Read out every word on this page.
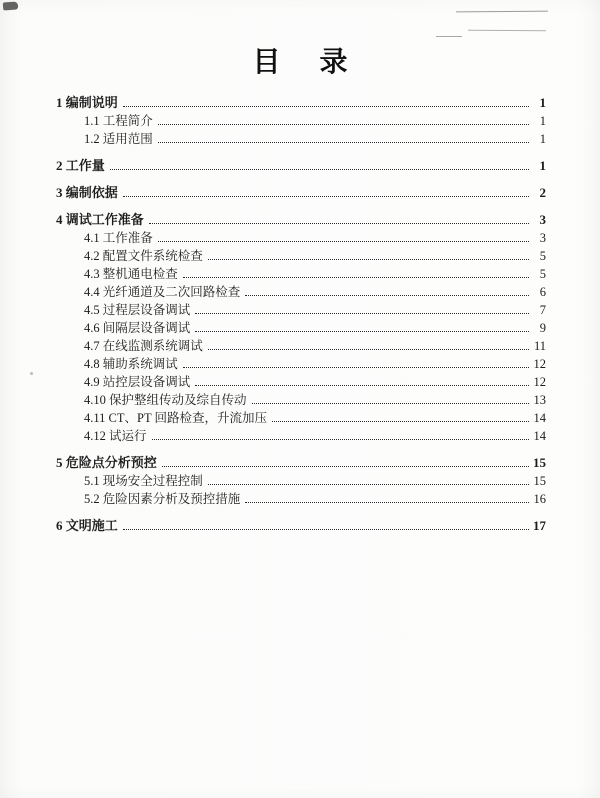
目 录
1 编制说明	1
1.1 工程简介	1
1.2 适用范围	1
2 工作量	1
3 编制依据	2
4 调试工作准备	3
4.1 工作准备	3
4.2 配置文件系统检查	5
4.3 整机通电检查	5
4.4 光纤通道及二次回路检查	6
4.5 过程层设备调试	7
4.6 间隔层设备调试	9
4.7 在线监测系统调试	11
4.8 辅助系统调试	12
4.9 站控层设备调试	12
4.10 保护整组传动及综自传动	13
4.11 CT、PT 回路检查，升流加压	14
4.12 试运行	14
5 危险点分析预控	15
5.1 现场安全过程控制	15
5.2 危险因素分析及预控措施	16
6 文明施工	17
